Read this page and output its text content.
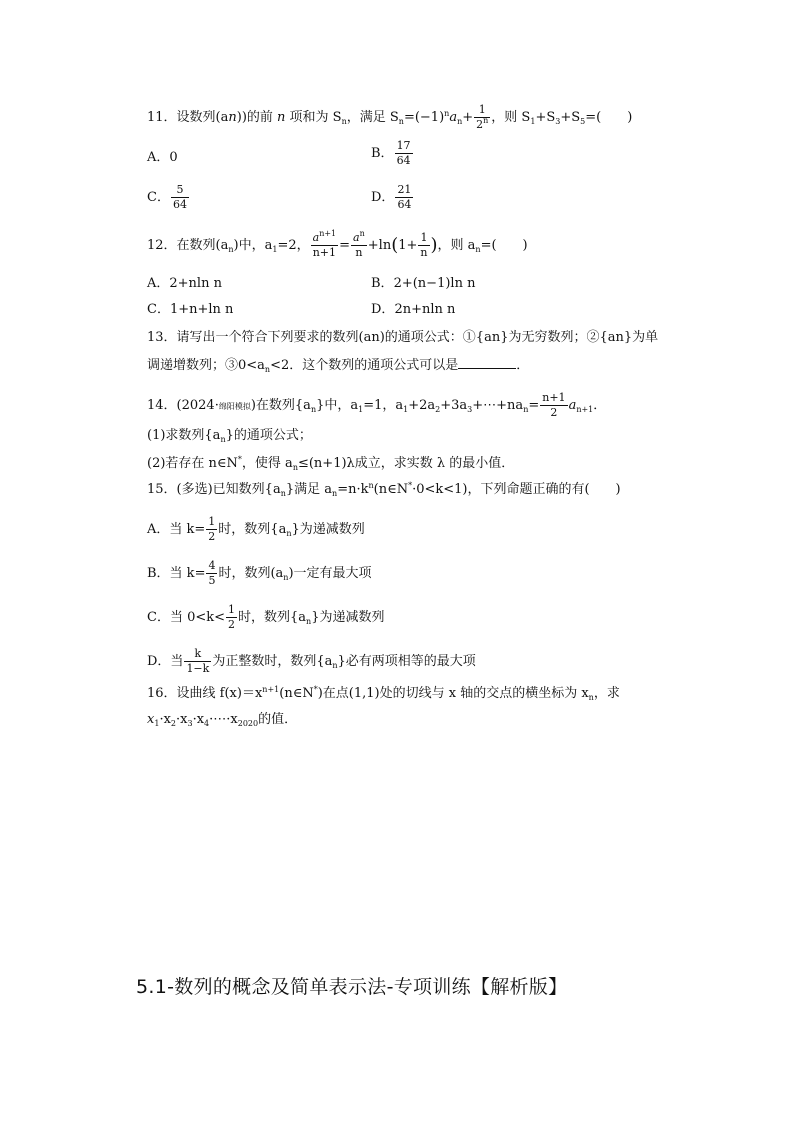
11．设数列(an))的前 n 项和为 $S_n$，满足 $S_n=(-1)^na_n+ \frac{1}{2^n}$ ，则 $S_1+S_3+S_5=$(　　)
A．0	B． $\frac{17}{64}$
C． $\frac{5}{64}$	D． $\frac{21}{64}$
12．在数列$(a_n)$中，$a_1=2$， $\frac{a^{n+1}}{n+1} = \frac{a^n}{n} +\ln(1+ \frac{1}{n}$ )，则 $a_n=$(　　)
A．2+nln n	B．2+(n−1)ln n
C．1+n+ln n	D．2n+nln n
13．请写出一个符合下列要求的数列(an)的通项公式：①{an}为无穷数列；②{an}为单
调递增数列；$③0<a_n<2$．这个数列的通项公式可以是	．
14．(2024·绵阳模拟)在数列$\{a_n\}$中，$a_1=1$，$a_1+2a_2+3a_3+\cdots+na_n= \frac{n+1}{2} a_{n+1}$．
(1)求数列$\{a_n\}$的通项公式；
(2)若存在 n∈N*，使得 $a_n\le(n+1)\lambda$成立，求实数 λ 的最小值．
15．(多选)已知数列$\{a_n\}$满足 $a_n=n\cdot k^n(n\in N^*\cdot 0<k<1)$，下列命题正确的有(　　)
A．当 $k= \frac{1}{2}$ 时，数列$\{a_n\}$为递减数列
B．当 $k= \frac{4}{5}$ 时，数列$(a_n)$一定有最大项
C．当 $0<k< \frac{1}{2}$ 时，数列$\{a_n\}$为递减数列
D．当 $\frac{k}{1-k}$ 为正整数时，数列$\{a_n\}$必有两项相等的最大项
16．设曲线 $f(x)=x^{n+1}(n\in N^*)$在点(1,1)处的切线与 x 轴的交点的横坐标为 $x_n$，求
$x_1\cdot x_2\cdot x_3\cdot x_4\cdot\cdots\cdot x_{2020}$的值．
5.1-数列的概念及简单表示法-专项训练【解析版】
